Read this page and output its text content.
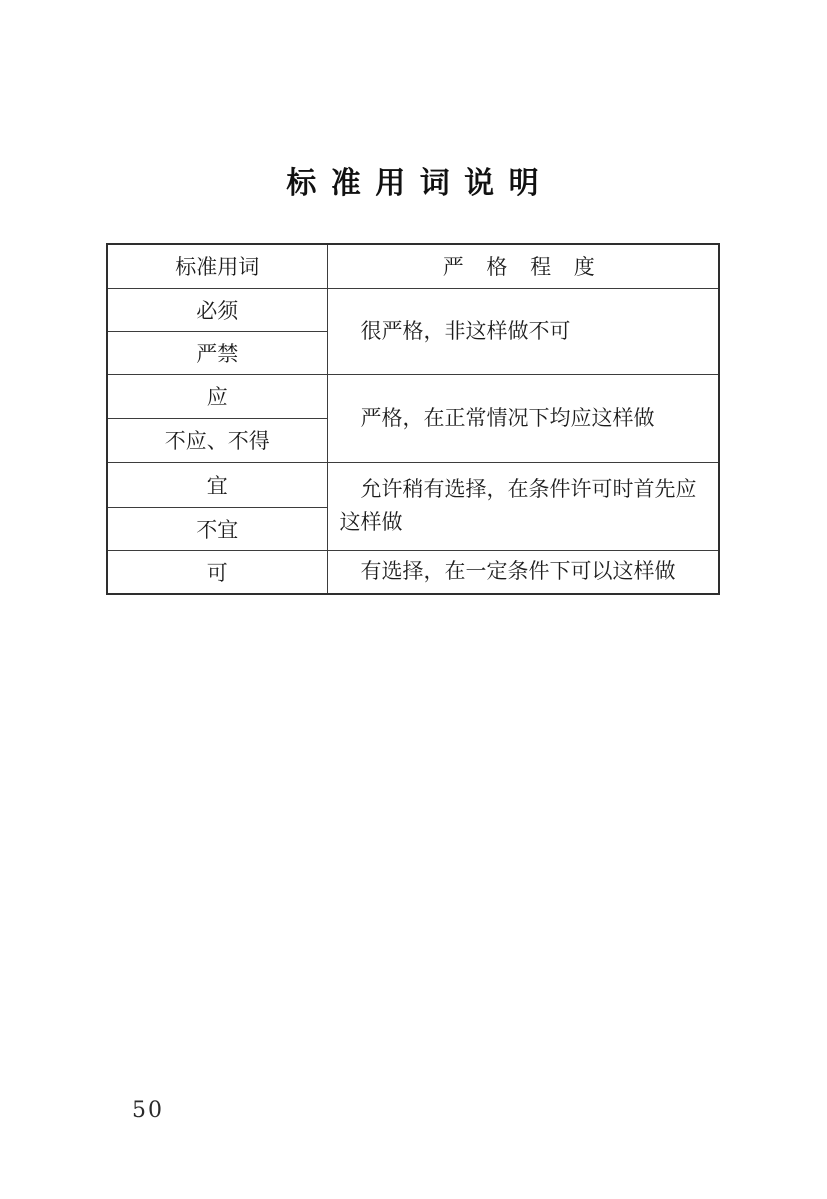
标 准 用 词 说 明
标准用词	严 格 程 度
必须	很严格，非这样做不可
严禁	
应	严格，在正常情况下均应这样做
不应、不得	
宜	允许稍有选择，在条件许可时首先应这样做
不宜	
可	有选择，在一定条件下可以这样做
50
